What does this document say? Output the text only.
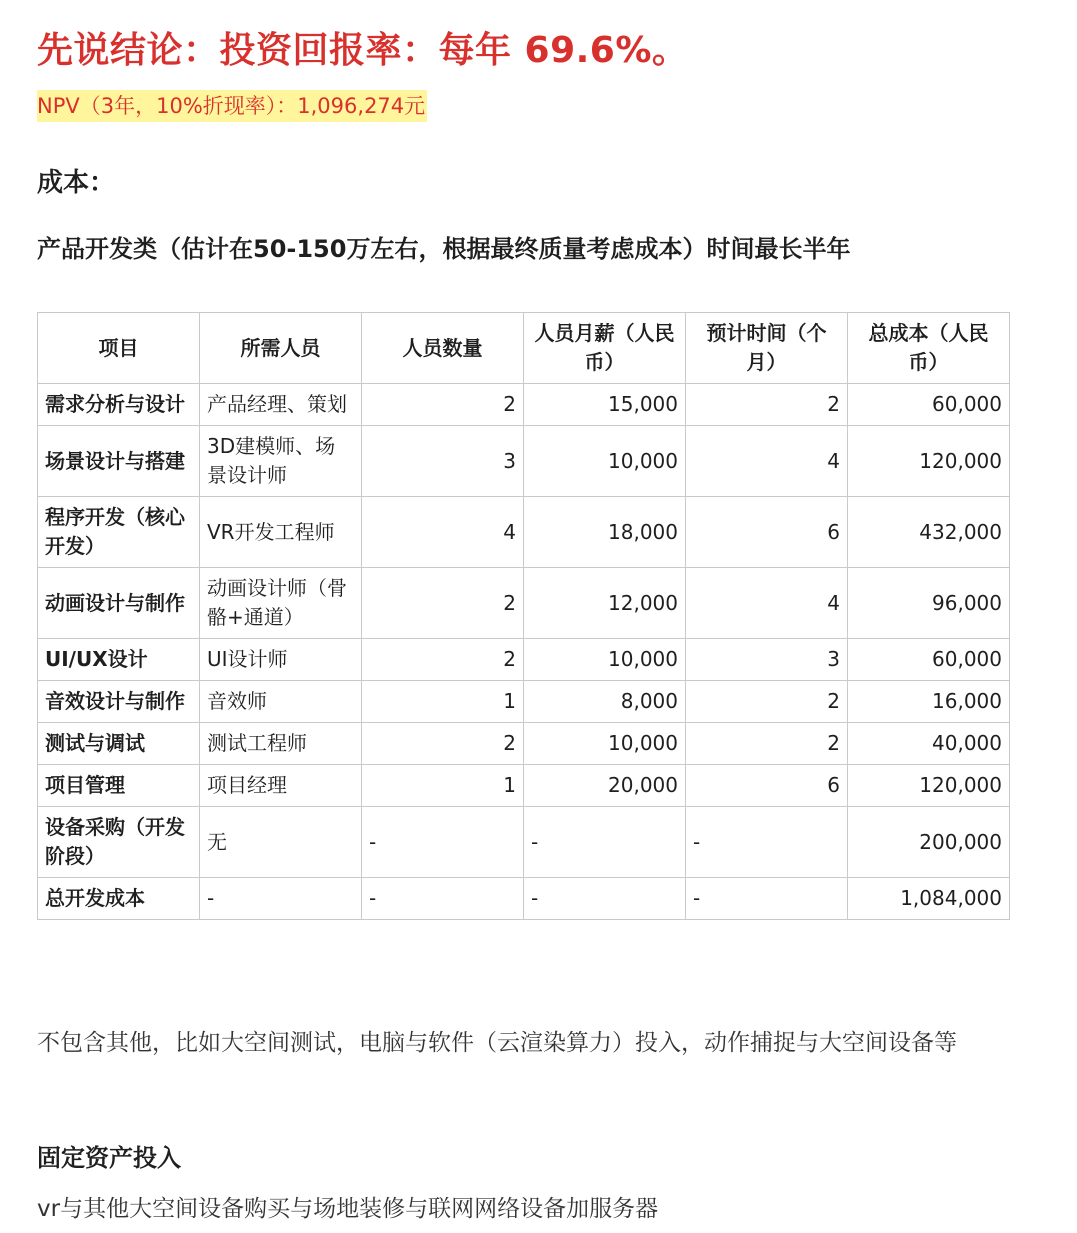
先说结论：投资回报率：每年 69.6%。
NPV（3年，10%折现率）：1,096,274元
成本：
产品开发类（估计在50-150万左右，根据最终质量考虑成本）时间最长半年
项目	所需人员	人员数量	人员月薪（人民币）	预计时间（个月）	总成本（人民币）
需求分析与设计	产品经理、策划	2	15,000	2	60,000
场景设计与搭建	3D建模师、场景设计师	3	10,000	4	120,000
程序开发（核心开发）	VR开发工程师	4	18,000	6	432,000
动画设计与制作	动画设计师（骨骼+通道）	2	12,000	4	96,000
UI/UX设计	UI设计师	2	10,000	3	60,000
音效设计与制作	音效师	1	8,000	2	16,000
测试与调试	测试工程师	2	10,000	2	40,000
项目管理	项目经理	1	20,000	6	120,000
设备采购（开发阶段）	无	-	-	-	200,000
总开发成本	-	-	-	-	1,084,000
不包含其他，比如大空间测试，电脑与软件（云渲染算力）投入，动作捕捉与大空间设备等
固定资产投入
vr与其他大空间设备购买与场地装修与联网网络设备加服务器
